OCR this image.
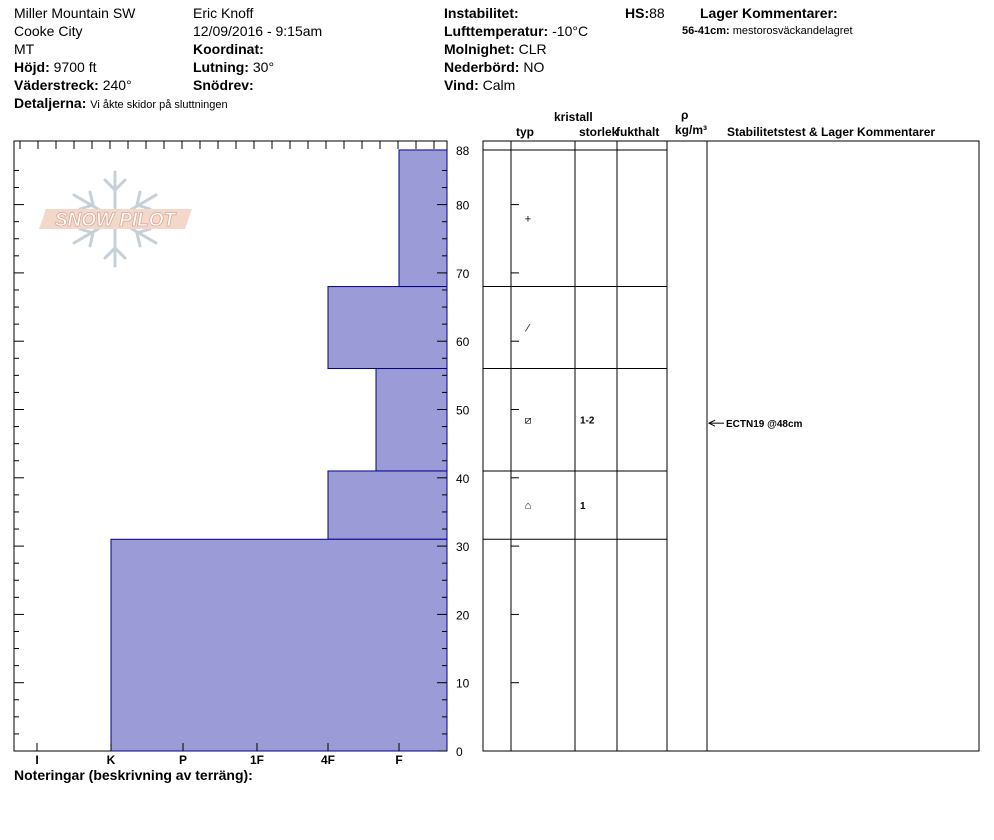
Miller Mountain SW
Cooke City
MT
Höjd: 9700 ft
Väderstreck: 240°
Detaljerna: Vi åkte skidor på sluttningen
Eric Knoff
12/09/2016 - 9:15am
Koordinat:
Lutning: 30°
Snödrev:
Instabilitet:
Lufttemperatur: -10°C
Molnighet: CLR
Nederbörd: NO
Vind: Calm
HS:88	Lager Kommentarer:
56-41cm: mestorosväckandelagret
kristall
typ	storlek
fukthalt
ρ
kg/m³ Stabilitetstest & Lager Kommentarer
SNOW PILOT
0
10
20
30
40
50
60
70
80
88
I	K	P	1F	4F	F
+
⁄
⧄	1-2
⌂	1
ECTN19 @48cm
Noteringar (beskrivning av terräng):
